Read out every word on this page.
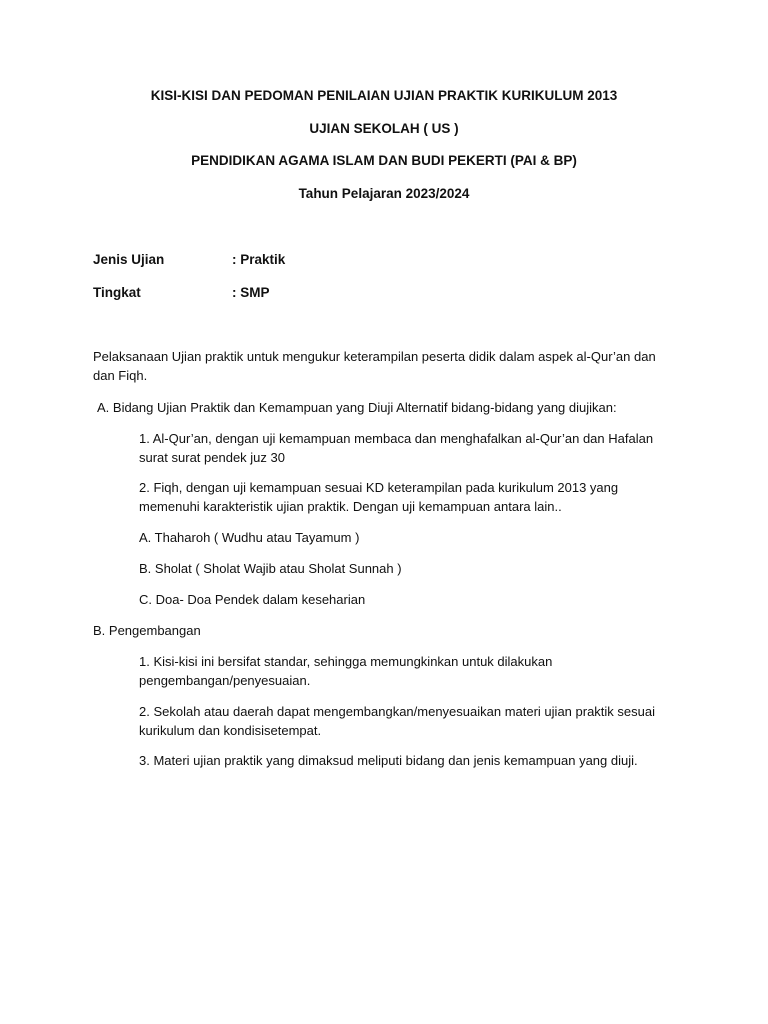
KISI-KISI DAN PEDOMAN PENILAIAN UJIAN PRAKTIK KURIKULUM 2013
UJIAN SEKOLAH ( US )
PENDIDIKAN AGAMA ISLAM DAN BUDI PEKERTI (PAI & BP)
Tahun Pelajaran 2023/2024
Jenis Ujian	: Praktik
Tingkat	: SMP
Pelaksanaan Ujian praktik untuk mengukur keterampilan peserta didik dalam aspek al-Qur’an dan dan Fiqh.
A. Bidang Ujian Praktik dan Kemampuan yang Diuji Alternatif bidang-bidang yang diujikan:
1. Al-Qur’an, dengan uji kemampuan membaca dan menghafalkan al-Qur’an dan Hafalan surat surat pendek juz 30
2. Fiqh, dengan uji kemampuan sesuai KD keterampilan pada kurikulum 2013 yang memenuhi karakteristik ujian praktik. Dengan uji kemampuan antara lain..
A. Thaharoh ( Wudhu atau Tayamum )
B. Sholat ( Sholat Wajib atau Sholat Sunnah )
C. Doa- Doa Pendek dalam keseharian
B. Pengembangan
1. Kisi-kisi ini bersifat standar, sehingga memungkinkan untuk dilakukan pengembangan/penyesuaian.
2. Sekolah atau daerah dapat mengembangkan/menyesuaikan materi ujian praktik sesuai kurikulum dan kondisisetempat.
3. Materi ujian praktik yang dimaksud meliputi bidang dan jenis kemampuan yang diuji.
